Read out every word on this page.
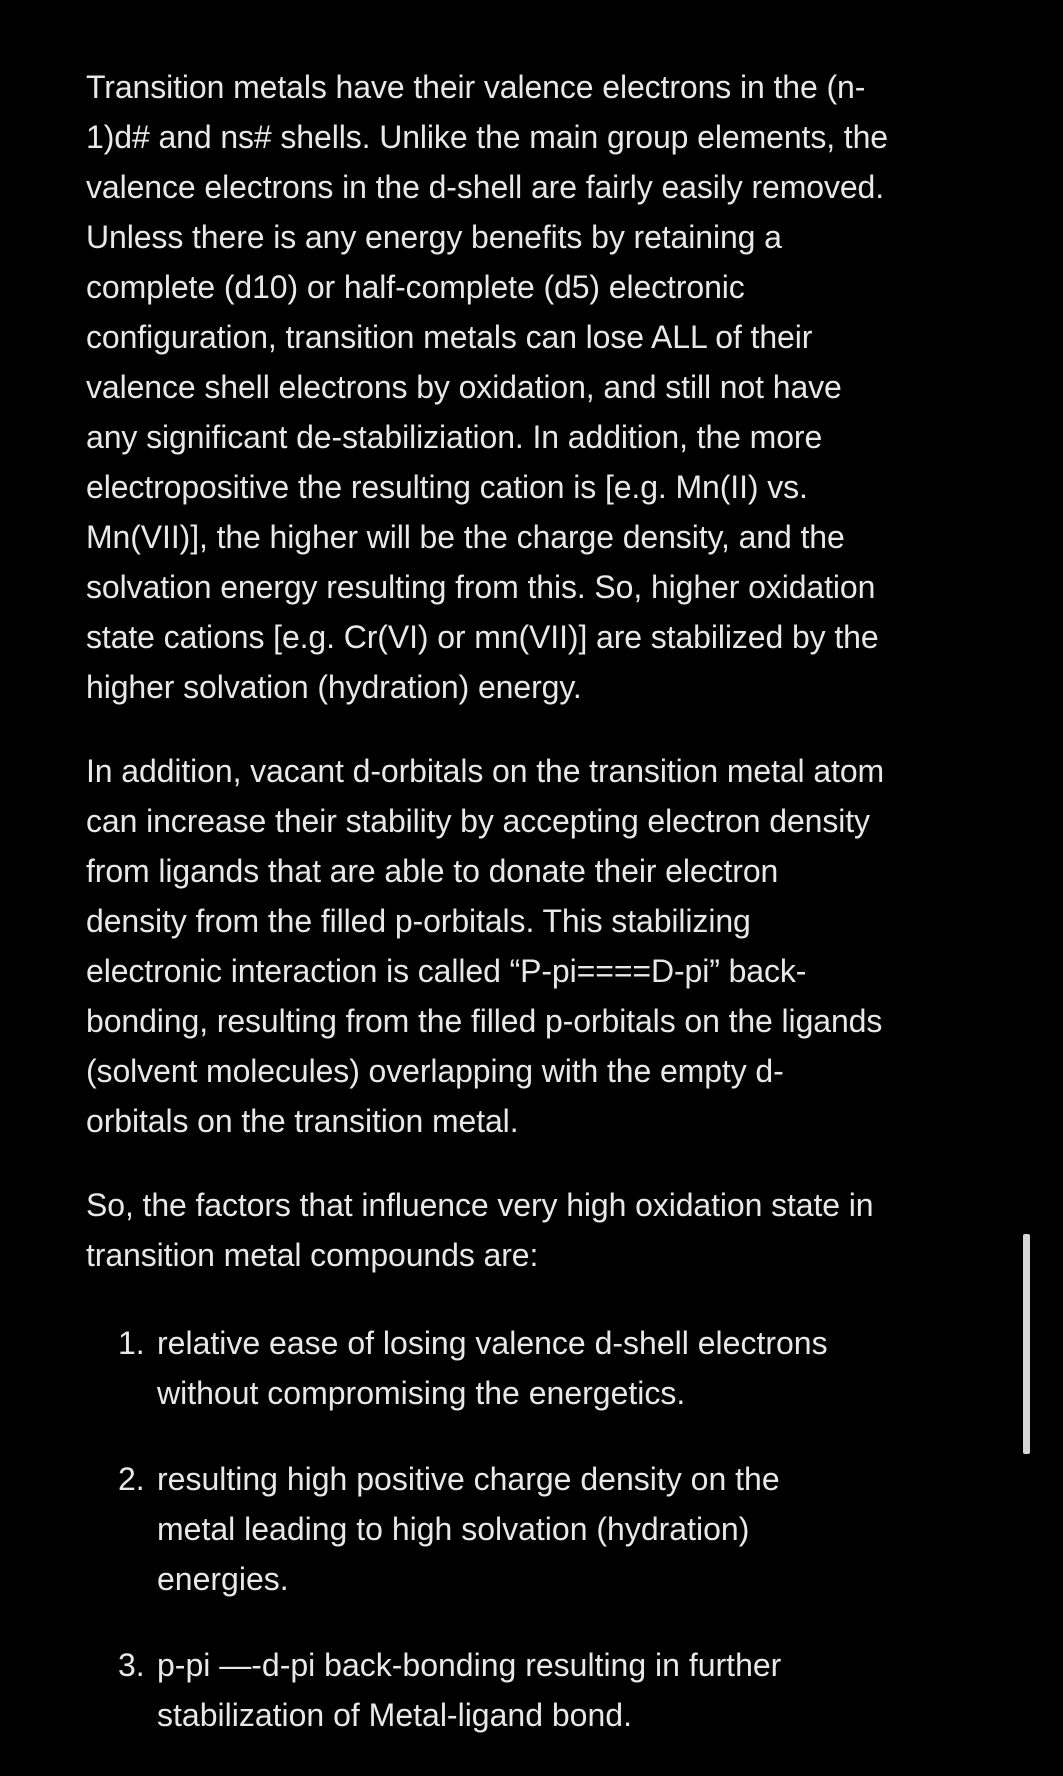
Transition metals have their valence electrons in the (n-
1)d# and ns# shells. Unlike the main group elements, the
valence electrons in the d-shell are fairly easily removed.
Unless there is any energy benefits by retaining a
complete (d10) or half-complete (d5) electronic
configuration, transition metals can lose ALL of their
valence shell electrons by oxidation, and still not have
any significant de-stabiliziation. In addition, the more
electropositive the resulting cation is [e.g. Mn(II) vs.
Mn(VII)], the higher will be the charge density, and the
solvation energy resulting from this. So, higher oxidation
state cations [e.g. Cr(VI) or mn(VII)] are stabilized by the
higher solvation (hydration) energy.

In addition, vacant d-orbitals on the transition metal atom
can increase their stability by accepting electron density
from ligands that are able to donate their electron
density from the filled p-orbitals. This stabilizing
electronic interaction is called “P-pi====D-pi” back-
bonding, resulting from the filled p-orbitals on the ligands
(solvent molecules) overlapping with the empty d-
orbitals on the transition metal.

So, the factors that influence very high oxidation state in
transition metal compounds are:

1. relative ease of losing valence d-shell electrons
without compromising the energetics.
2. resulting high positive charge density on the
metal leading to high solvation (hydration)
energies.
3. p-pi —-d-pi back-bonding resulting in further
stabilization of Metal-ligand bond.
